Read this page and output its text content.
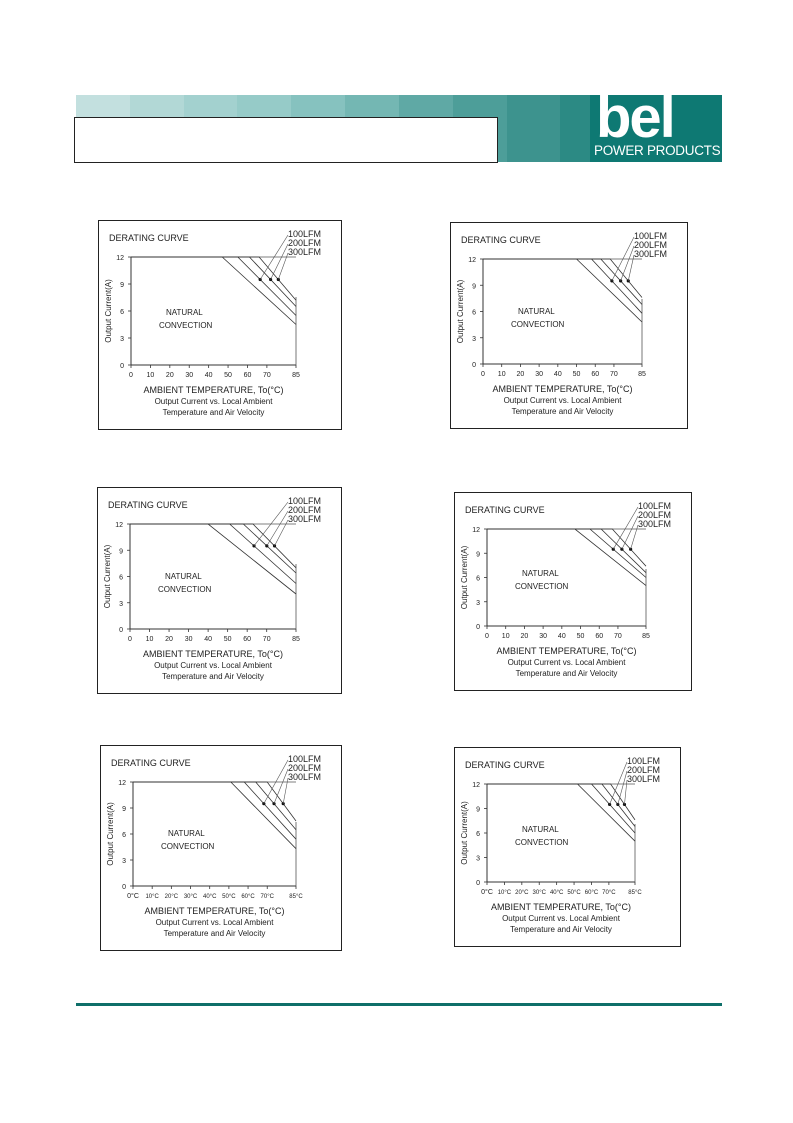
bel
POWER PRODUCTS
DERATING CURVE
0
3
6
9
12
0 10 20 30 40 50 60 70	85
100LFM
200LFM
300LFM
NATURAL
CONVECTION
Output Current(A)
AMBIENT TEMPERATURE, To(°C)
Output Current vs. Local Ambient
Temperature and Air Velocity
DERATING CURVE
0
3
6
9
12
0 10 20 30 40 50 60 70	85
100LFM
200LFM
300LFM
NATURAL
CONVECTION
Output Current(A)
AMBIENT TEMPERATURE, To(°C)
Output Current vs. Local Ambient
Temperature and Air Velocity
DERATING CURVE
0
3
6
9
12
0 10 20 30 40 50 60 70	85
100LFM
200LFM
300LFM
NATURAL
CONVECTION
Output Current(A)
AMBIENT TEMPERATURE, To(°C)
Output Current vs. Local Ambient
Temperature and Air Velocity
DERATING CURVE
0
3
6
9
12
0 10 20 30 40 50 60 70	85
100LFM
200LFM
300LFM
NATURAL
CONVECTION
Output Current(A)
AMBIENT TEMPERATURE, To(°C)
Output Current vs. Local Ambient
Temperature and Air Velocity
DERATING CURVE
0
3
6
9
12
0°C 10°C 20°C 30°C 40°C 50°C 60°C 70°C	85°C
100LFM
200LFM
300LFM
NATURAL
CONVECTION
Output Current(A)
AMBIENT TEMPERATURE, To(°C)
Output Current vs. Local Ambient
Temperature and Air Velocity
DERATING CURVE
0
3
6
9
12
0°C 10°C 20°C 30°C 40°C 50°C 60°C 70°C 85°C
100LFM
200LFM
300LFM
NATURAL
CONVECTION
Output Current(A)
AMBIENT TEMPERATURE, To(°C)
Output Current vs. Local Ambient
Temperature and Air Velocity
